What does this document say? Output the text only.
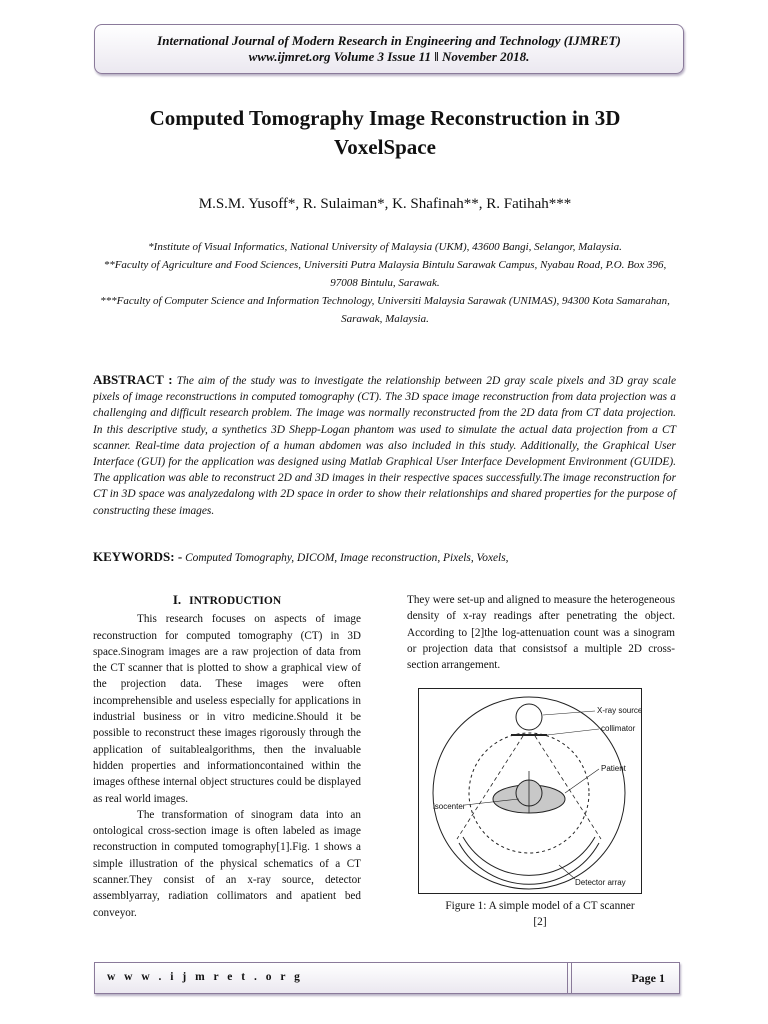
International Journal of Modern Research in Engineering and Technology (IJMRET)
www.ijmret.org Volume 3 Issue 11 ǁ November 2018.
Computed Tomography Image Reconstruction in 3D
VoxelSpace
M.S.M. Yusoff*, R. Sulaiman*, K. Shafinah**, R. Fatihah***
*Institute of Visual Informatics, National University of Malaysia (UKM), 43600 Bangi, Selangor, Malaysia.
**Faculty of Agriculture and Food Sciences, Universiti Putra Malaysia Bintulu Sarawak Campus, Nyabau Road, P.O. Box 396, 97008 Bintulu, Sarawak.
***Faculty of Computer Science and Information Technology, Universiti Malaysia Sarawak (UNIMAS), 94300 Kota Samarahan, Sarawak, Malaysia.
ABSTRACT : The aim of the study was to investigate the relationship between 2D gray scale pixels and 3D gray scale pixels of image reconstructions in computed tomography (CT). The 3D space image reconstruction from data projection was a challenging and difficult research problem. The image was normally reconstructed from the 2D data from CT data projection. In this descriptive study, a synthetics 3D Shepp-Logan phantom was used to simulate the actual data projection from a CT scanner. Real-time data projection of a human abdomen was also included in this study. Additionally, the Graphical User Interface (GUI) for the application was designed using Matlab Graphical User Interface Development Environment (GUIDE). The application was able to reconstruct 2D and 3D images in their respective spaces successfully.The image reconstruction for CT in 3D space was analyzedalong with 2D space in order to show their relationships and shared properties for the purpose of constructing these images.
KEYWORDS: - Computed Tomography, DICOM, Image reconstruction, Pixels, Voxels,
I. INTRODUCTION

This research focuses on aspects of image reconstruction for computed tomography (CT) in 3D space.Sinogram images are a raw projection of data from the CT scanner that is plotted to show a graphical view of the projection data. These images were often incomprehensible and useless especially for applications in industrial business or in vitro medicine.Should it be possible to reconstruct these images rigorously through the application of suitablealgorithms, then the invaluable hidden properties and informationcontained within the images ofthese internal object structures could be displayed as real world images.

The transformation of sinogram data into an ontological cross-section image is often labeled as image reconstruction in computed tomography[1].Fig. 1 shows a simple illustration of the physical schematics of a CT scanner.They consist of an x-ray source, detector assemblyarray, radiation collimators and apatient bed conveyor.

They were set-up and aligned to measure the heterogeneous density of x-ray readings after penetrating the object. According to [2]the log-attenuation count was a sinogram or projection data that consistsof a multiple 2D cross-section arrangement.

X-ray source
collimator
Patient
isocenter
Detector array
Figure 1: A simple model of a CT scanner
[2]
w w w . i j m r e t . o r g	Page 1
